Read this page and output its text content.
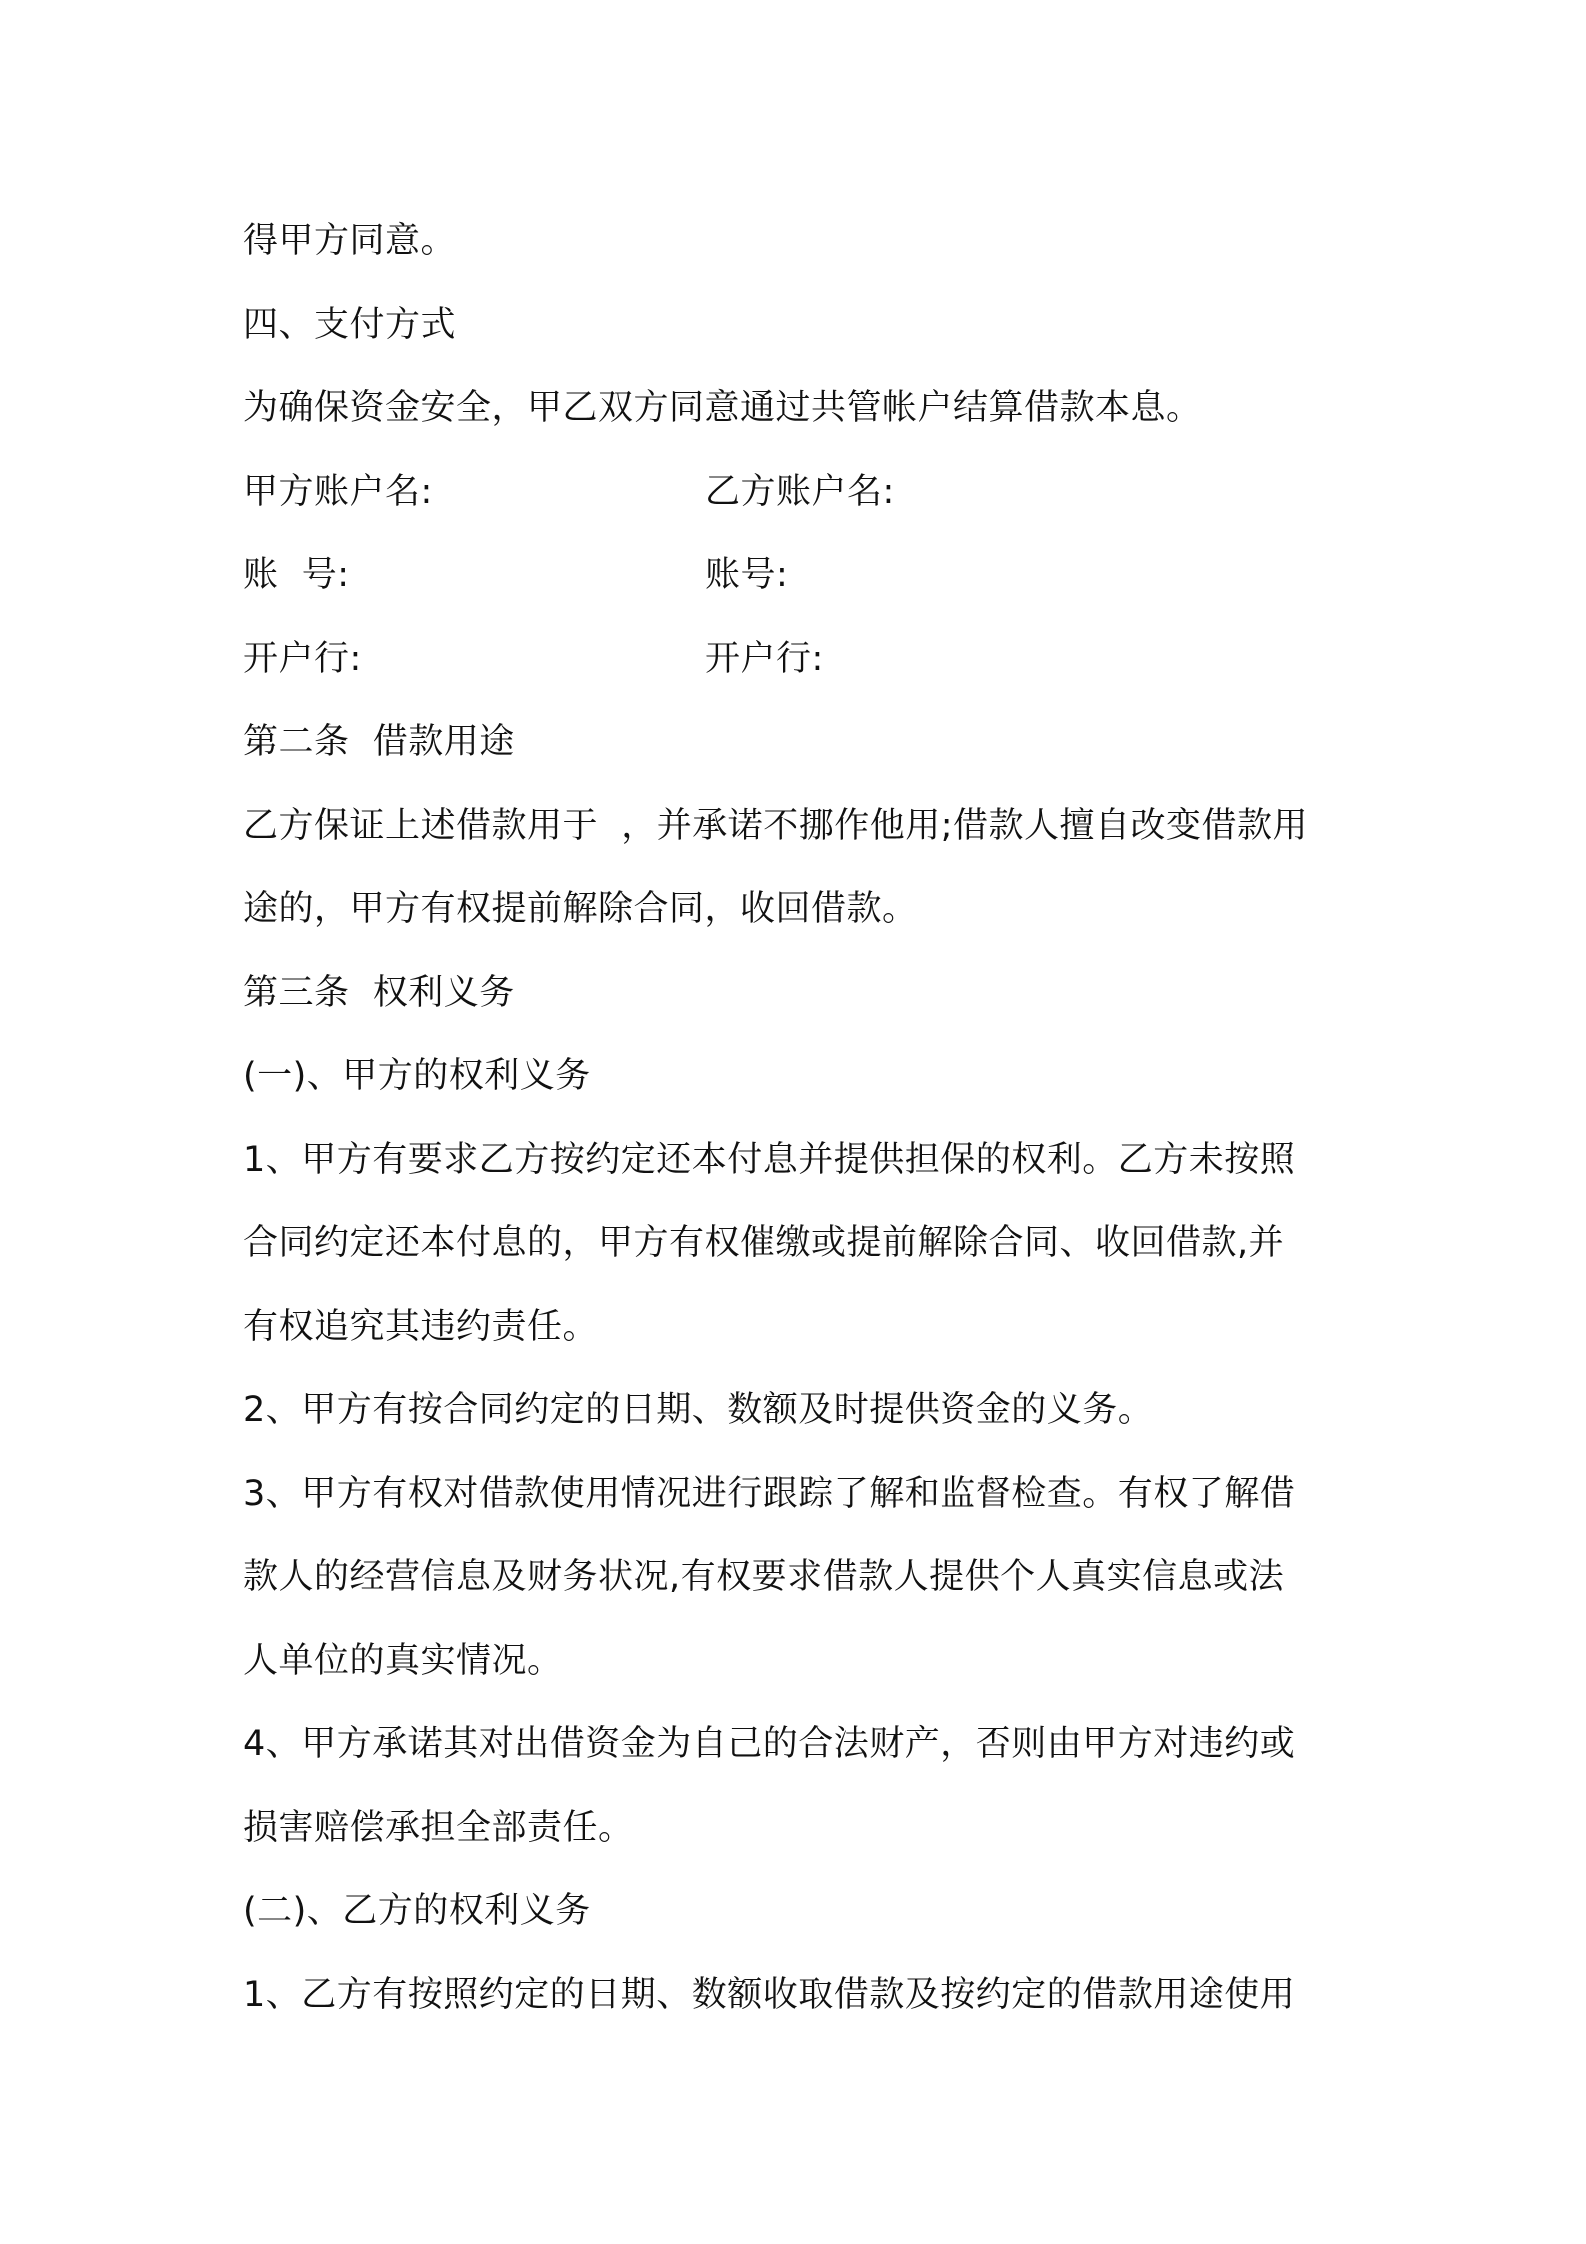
得甲方同意。
四、支付方式
为确保资金安全，甲乙双方同意通过共管帐户结算借款本息。
甲方账户名:	乙方账户名:
账  号:	账号:
开户行:	开户行:
第二条  借款用途
乙方保证上述借款用于  ，并承诺不挪作他用;借款人擅自改变借款用
途的，甲方有权提前解除合同，收回借款。
第三条  权利义务
(一)、甲方的权利义务
1、甲方有要求乙方按约定还本付息并提供担保的权利。乙方未按照
合同约定还本付息的，甲方有权催缴或提前解除合同、收回借款,并
有权追究其违约责任。
2、甲方有按合同约定的日期、数额及时提供资金的义务。
3、甲方有权对借款使用情况进行跟踪了解和监督检查。有权了解借
款人的经营信息及财务状况,有权要求借款人提供个人真实信息或法
人单位的真实情况。
4、甲方承诺其对出借资金为自己的合法财产，否则由甲方对违约或
损害赔偿承担全部责任。
(二)、乙方的权利义务
1、乙方有按照约定的日期、数额收取借款及按约定的借款用途使用
